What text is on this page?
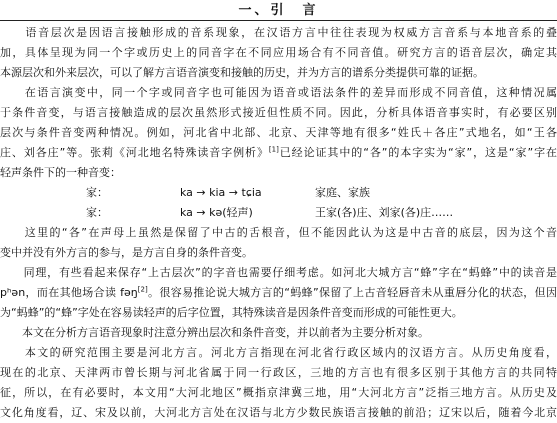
一、引　言
　　语音层次是因语言接触形成的音系现象，在汉语方言中往往表现为权威方言音系与本地音系的叠
加，具体呈现为同一个字或历史上的同音字在不同应用场合有不同音值。研究方言的语音层次，确定其
本源层次和外来层次，可以了解方言语音演变和接触的历史，并为方言的谱系分类提供可靠的证据。
　　在语言演变中，同一个字或同音字也可能因为语音或语法条件的差异而形成不同音值，这种情况属
于条件音变，与语言接触造成的层次虽然形式接近但性质不同。因此，分析具体语音事实时，有必要区别
层次与条件音变两种情况。例如，河北省中北部、北京、天津等地有很多“姓氏＋各庄”式地名，如“王各
庄、刘各庄”等。张莉《河北地名特殊读音字例析》[1]已经论证其中的“各”的本字实为“家”，这是“家”字在
轻声条件下的一种音变：
家：	ka → kia → tɕia	家庭、家族
家：	ka → kə(轻声)	王家(各)庄、刘家(各)庄……
　　这里的“各”在声母上虽然是保留了中古的舌根音，但不能因此认为这是中古音的底层，因为这个音
变中并没有外方言的参与，是方言自身的条件音变。
　　同理，有些看起来保存“上古层次”的字音也需要仔细考虑。如河北大城方言“蜂”字在“蚂蜂”中的读音是
pʰən，而在其他场合读 fəŋ[2]。很容易推论说大城方言的“蚂蜂”保留了上古音轻唇音未从重唇分化的状态，但因
为“蚂蜂”的“蜂”字处在容易读轻声的后字位置，其特殊读音是因条件音变而形成的可能性更大。
　　本文在分析方言语音现象时注意分辨出层次和条件音变，并以前者为主要分析对象。
　　本文的研究范围主要是河北方言。河北方言指现在河北省行政区域内的汉语方言。从历史角度看，
现在的北京、天津两市曾长期与河北省属于同一行政区，三地的方言也有很多区别于其他方言的共同特
征，所以，在有必要时，本文用“大河北地区”概指京津冀三地，用“大河北方言”泛指三地方言。从历史及
文化角度看，辽、宋及以前，大河北方言处在汉语与北方少数民族语言接触的前沿；辽宋以后，随着今北京
